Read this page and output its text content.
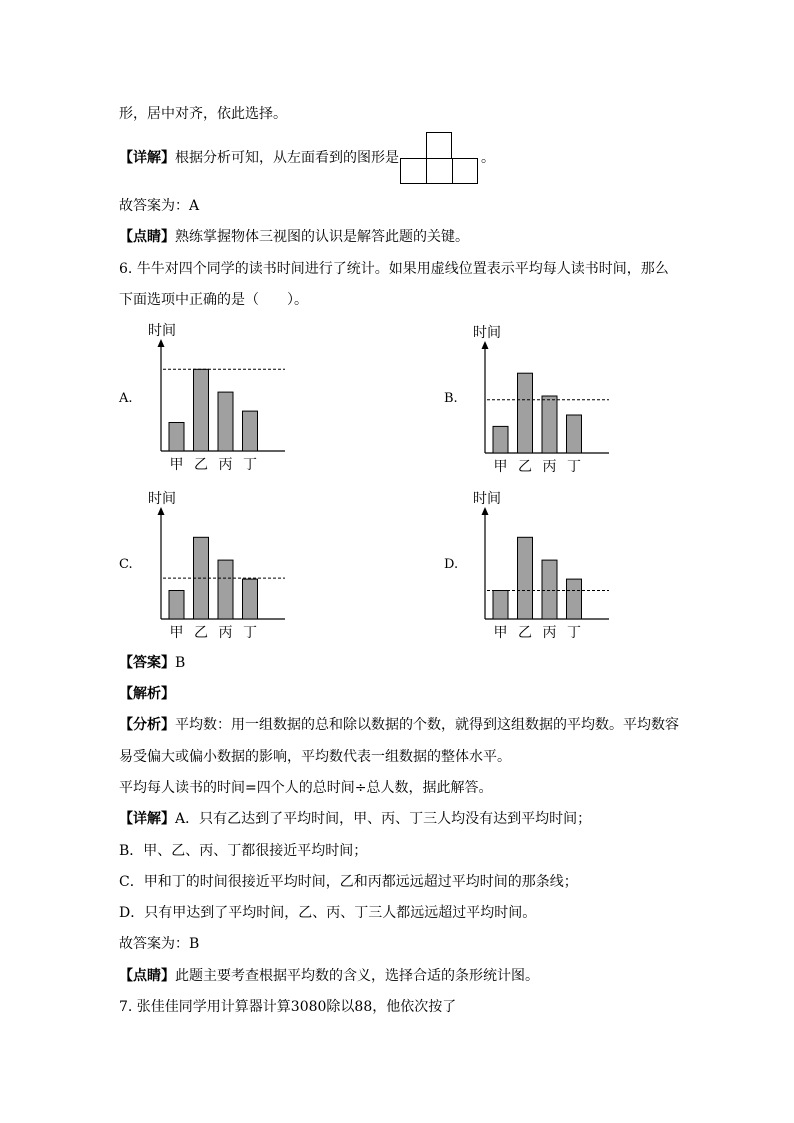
形，居中对齐，依此选择。
【详解】根据分析可知，从左面看到的图形是	。
故答案为：A
【点睛】熟练掌握物体三视图的认识是解答此题的关键。
6. 牛牛对四个同学的读书时间进行了统计。如果用虚线位置表示平均每人读书时间，那么
下面选项中正确的是（　　）。
A.
时间
甲 乙 丙 丁
B.
时间
甲 乙 丙 丁
C.
时间
甲 乙 丙 丁
D.
时间
甲 乙 丙 丁
【答案】B
【解析】
【分析】平均数：用一组数据的总和除以数据的个数，就得到这组数据的平均数。平均数容
易受偏大或偏小数据的影响，平均数代表一组数据的整体水平。
平均每人读书的时间=四个人的总时间÷总人数，据此解答。
【详解】A．只有乙达到了平均时间，甲、丙、丁三人均没有达到平均时间；
B．甲、乙、丙、丁都很接近平均时间；
C．甲和丁的时间很接近平均时间，乙和丙都远远超过平均时间的那条线；
D．只有甲达到了平均时间，乙、丙、丁三人都远远超过平均时间。
故答案为：B
【点睛】此题主要考查根据平均数的含义，选择合适的条形统计图。
7. 张佳佳同学用计算器计算3080除以88，他依次按了
